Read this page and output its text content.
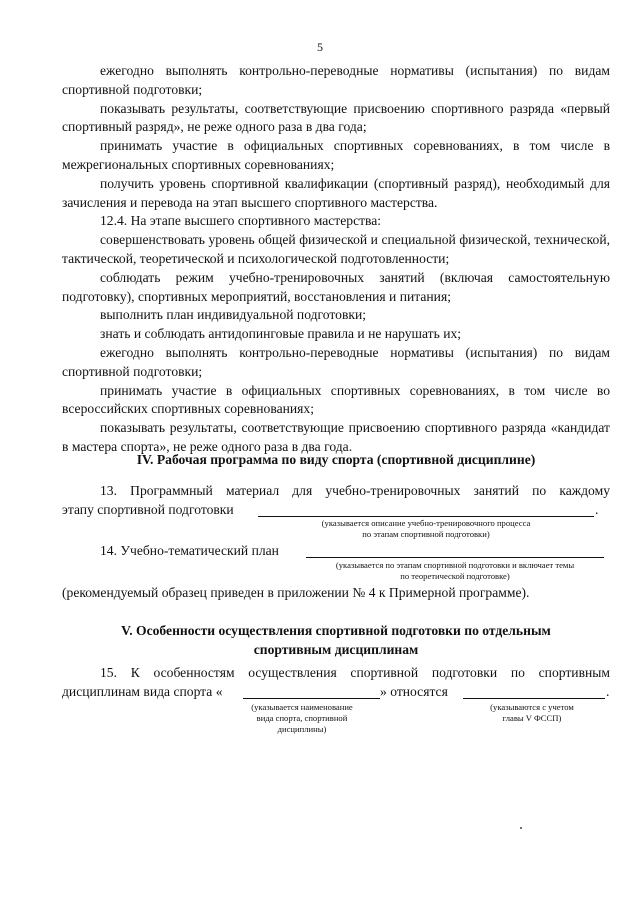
5

ежегодно выполнять контрольно-переводные нормативы (испытания) по видам спортивной подготовки;

показывать результаты, соответствующие присвоению спортивного разряда «первый спортивный разряд», не реже одного раза в два года;

принимать участие в официальных спортивных соревнованиях, в том числе в межрегиональных спортивных соревнованиях;

получить уровень спортивной квалификации (спортивный разряд), необходимый для зачисления и перевода на этап высшего спортивного мастерства.

12.4. На этапе высшего спортивного мастерства:

совершенствовать уровень общей физической и специальной физической, технической, тактической, теоретической и психологической подготовленности;

соблюдать режим учебно-тренировочных занятий (включая самостоятельную подготовку), спортивных мероприятий, восстановления и питания;

выполнить план индивидуальной подготовки;

знать и соблюдать антидопинговые правила и не нарушать их;

ежегодно выполнять контрольно-переводные нормативы (испытания) по видам спортивной подготовки;

принимать участие в официальных спортивных соревнованиях, в том числе во всероссийских спортивных соревнованиях;

показывать результаты, соответствующие присвоению спортивного разряда «кандидат в мастера спорта», не реже одного раза в два года.

IV. Рабочая программа по виду спорта (спортивной дисциплине)

13. Программный материал для учебно-тренировочных занятий по каждому

этапу спортивной подготовки	.
(указывается описание учебно-тренировочного процесса
по этапам спортивной подготовки)
14. Учебно-тематический план
(указывается по этапам спортивной подготовки и включает темы
по теоретической подготовке)
(рекомендуемый образец приведен в приложении № 4 к Примерной программе).
V. Особенности осуществления спортивной подготовки по отдельным
спортивным дисциплинам

15. К особенностям осуществления спортивной подготовки по спортивным

дисциплинам вида спорта «	» относятся	.
(указывается наименование
вида спорта, спортивной
дисциплины)
(указываются с учетом
главы V ФССП)
